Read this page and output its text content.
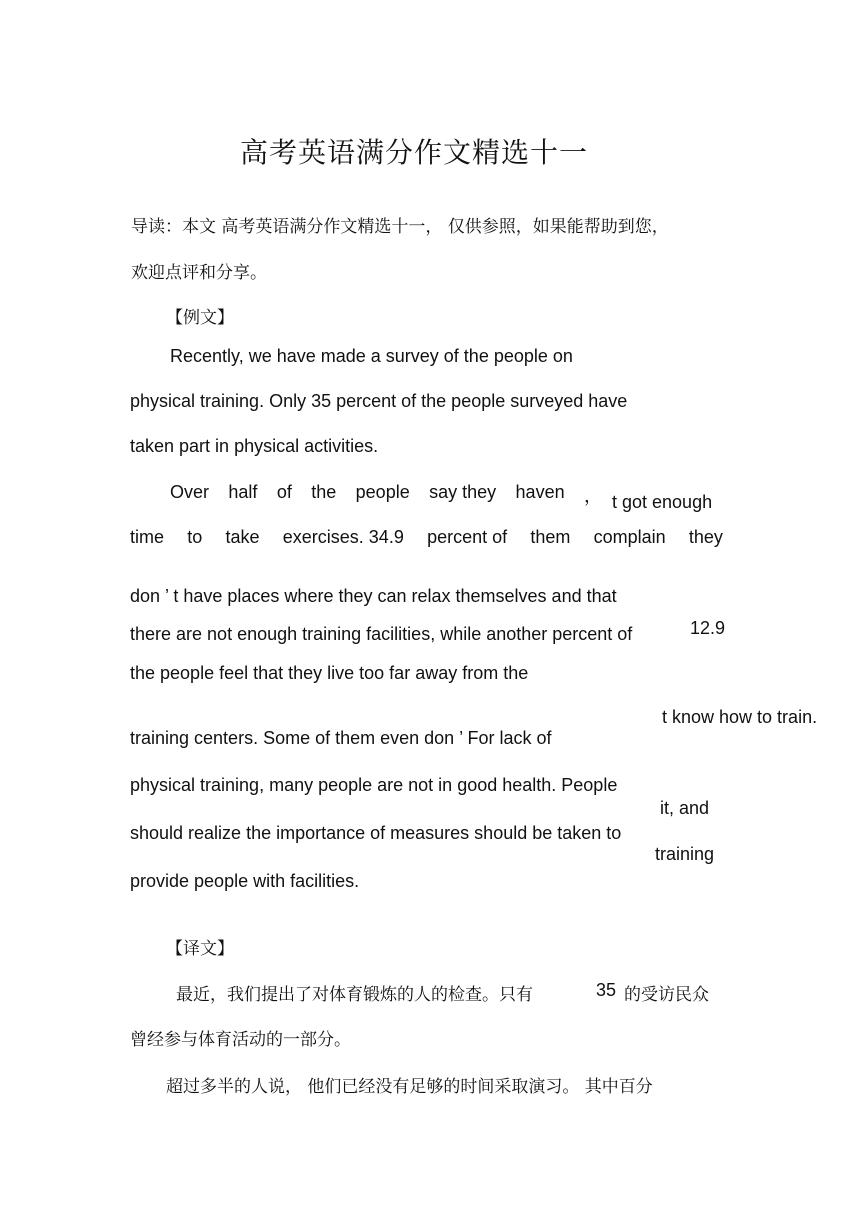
高考英语满分作文精选十一
导读：本文 高考英语满分作文精选十一， 仅供参照，如果能帮助到您，
欢迎点评和分享。
【例文】
Recently, we have made a survey of the people on
physical training. Only 35 percent of the people surveyed have
taken part in physical activities.
Over half of the people say they haven ， t got enough
time to take exercises. 34.9 percent of them complain they
don ’ t have places where they can relax themselves and that
there are not enough training facilities, while another percent of	12.9
the people feel that they live too far away from the
t know how to train.
training centers. Some of them even don ’ For lack of
physical training, many people are not in good health. People
it, and
should realize the importance of measures should be taken to
training
provide people with facilities.
【译文】
最近，我们提出了对体育锻炼的人的检查。只有	35 的受访民众
曾经参与体育活动的一部分。
超过多半的人说， 他们已经没有足够的时间采取演习。 其中百分
